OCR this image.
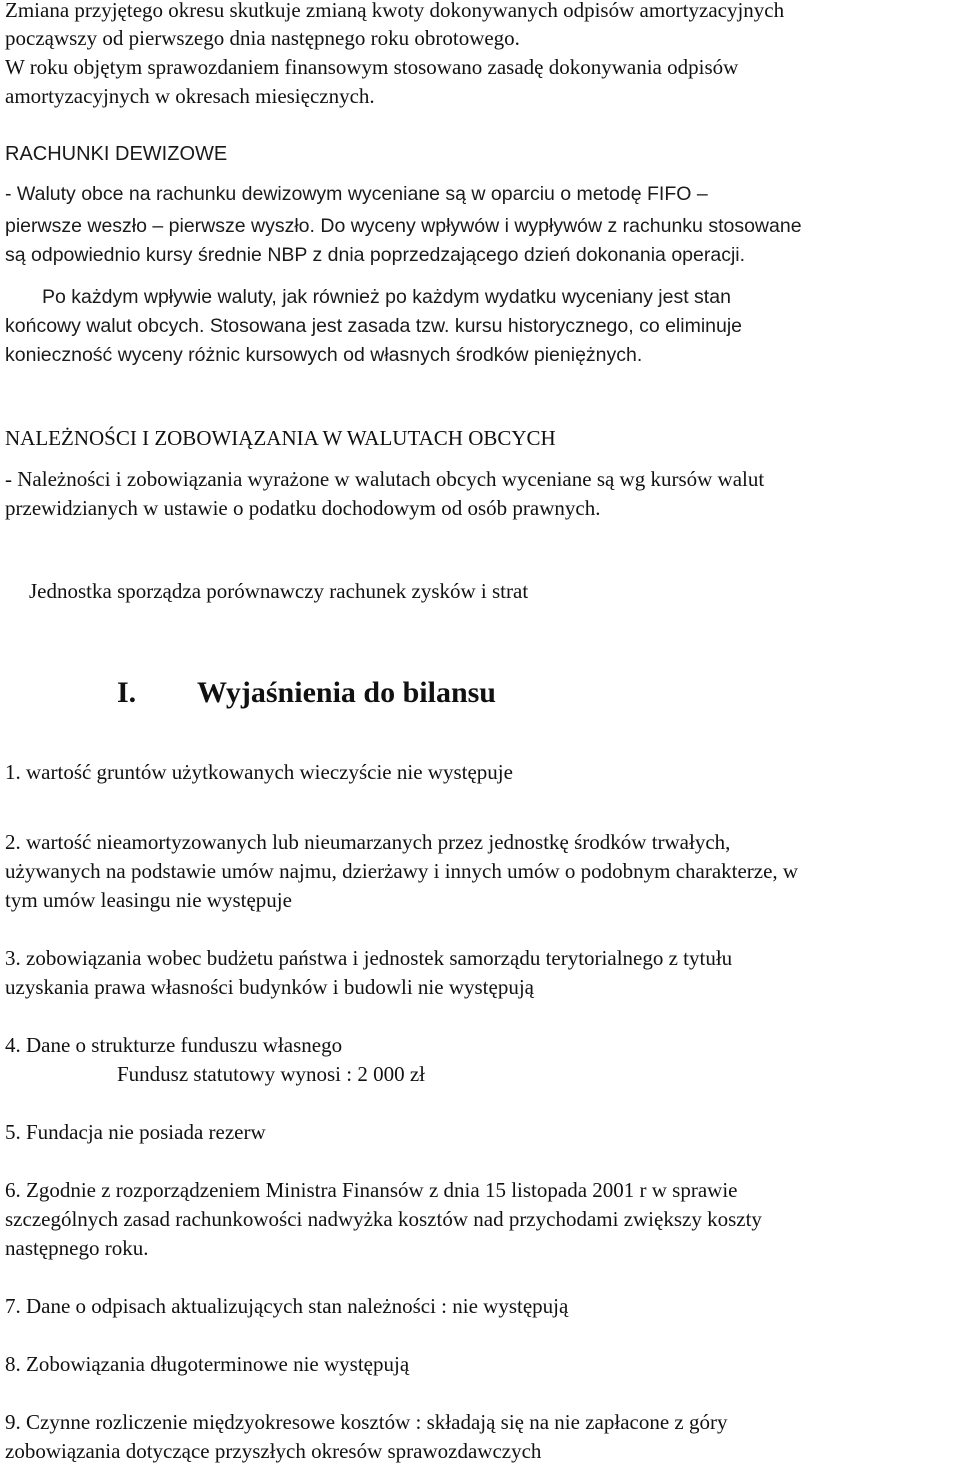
Zmiana przyjętego okresu skutkuje zmianą kwoty dokonywanych odpisów amortyzacyjnych
począwszy od pierwszego dnia następnego roku obrotowego.
W roku objętym sprawozdaniem finansowym stosowano zasadę dokonywania odpisów
amortyzacyjnych w okresach miesięcznych.
RACHUNKI DEWIZOWE
- Waluty obce na rachunku dewizowym wyceniane są w oparciu o metodę FIFO –
pierwsze weszło – pierwsze wyszło. Do wyceny wpływów i wypływów z rachunku stosowane
są odpowiednio kursy średnie NBP z dnia poprzedzającego dzień dokonania operacji.
Po każdym wpływie waluty, jak również po każdym wydatku wyceniany jest stan
końcowy walut obcych. Stosowana jest zasada tzw. kursu historycznego, co eliminuje
konieczność wyceny różnic kursowych od własnych środków pieniężnych.
NALEŻNOŚCI I ZOBOWIĄZANIA W WALUTACH OBCYCH
- Należności i zobowiązania wyrażone w walutach obcych wyceniane są wg kursów walut
przewidzianych w ustawie o podatku dochodowym od osób prawnych.
Jednostka sporządza porównawczy rachunek zysków i strat
I. Wyjaśnienia do bilansu
1. wartość gruntów użytkowanych wieczyście nie występuje
2. wartość nieamortyzowanych lub nieumarzanych przez jednostkę środków trwałych,
używanych na podstawie umów najmu, dzierżawy i innych umów o podobnym charakterze, w
tym umów leasingu nie występuje
3. zobowiązania wobec budżetu państwa i jednostek samorządu terytorialnego z tytułu
uzyskania prawa własności budynków i budowli nie występują
4. Dane o strukturze funduszu własnego
Fundusz statutowy wynosi : 2 000 zł
5. Fundacja nie posiada rezerw
6. Zgodnie z rozporządzeniem Ministra Finansów z dnia 15 listopada 2001 r w sprawie
szczególnych zasad rachunkowości nadwyżka kosztów nad przychodami zwiększy koszty
następnego roku.
7. Dane o odpisach aktualizujących stan należności : nie występują
8. Zobowiązania długoterminowe nie występują
9. Czynne rozliczenie międzyokresowe kosztów : składają się na nie zapłacone z góry
zobowiązania dotyczące przyszłych okresów sprawozdawczych
